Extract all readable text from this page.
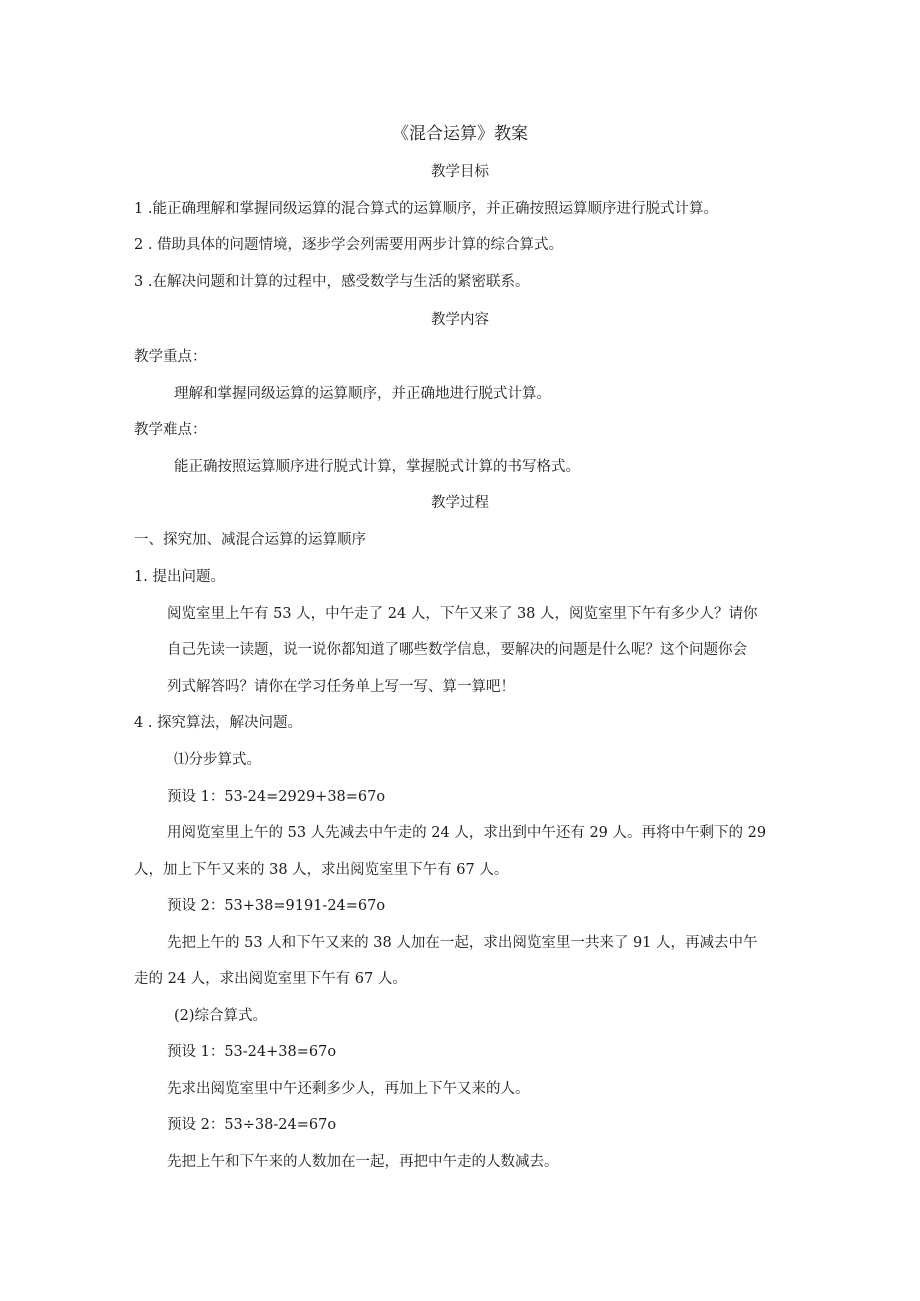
《混合运算》教案
教学目标
1 .能正确理解和掌握同级运算的混合算式的运算顺序，并正确按照运算顺序进行脱式计算。
2 . 借助具体的问题情境，逐步学会列需要用两步计算的综合算式。
3 .在解决问题和计算的过程中，感受数学与生活的紧密联系。
教学内容
教学重点：
理解和掌握同级运算的运算顺序，并正确地进行脱式计算。
教学难点：
能正确按照运算顺序进行脱式计算，掌握脱式计算的书写格式。
教学过程
一、探究加、减混合运算的运算顺序
1. 提出问题。
阅览室里上午有 53 人，中午走了 24 人，下午又来了 38 人，阅览室里下午有多少人？请你
自己先读一读题，说一说你都知道了哪些数学信息，要解决的问题是什么呢？这个问题你会
列式解答吗？请你在学习任务单上写一写、算一算吧！
4 . 探究算法，解决问题。
⑴分步算式。
预设 1：53-24=2929+38=67o
用阅览室里上午的 53 人先减去中午走的 24 人，求出到中午还有 29 人。再将中午剩下的 29
人，加上下午又来的 38 人，求出阅览室里下午有 67 人。
预设 2：53+38=9191-24=67o
先把上午的 53 人和下午又来的 38 人加在一起，求出阅览室里一共来了 91 人，再减去中午
走的 24 人，求出阅览室里下午有 67 人。
(2)综合算式。
预设 1：53-24+38=67o
先求出阅览室里中午还剩多少人，再加上下午又来的人。
预设 2：53÷38-24=67o
先把上午和下午来的人数加在一起，再把中午走的人数减去。
